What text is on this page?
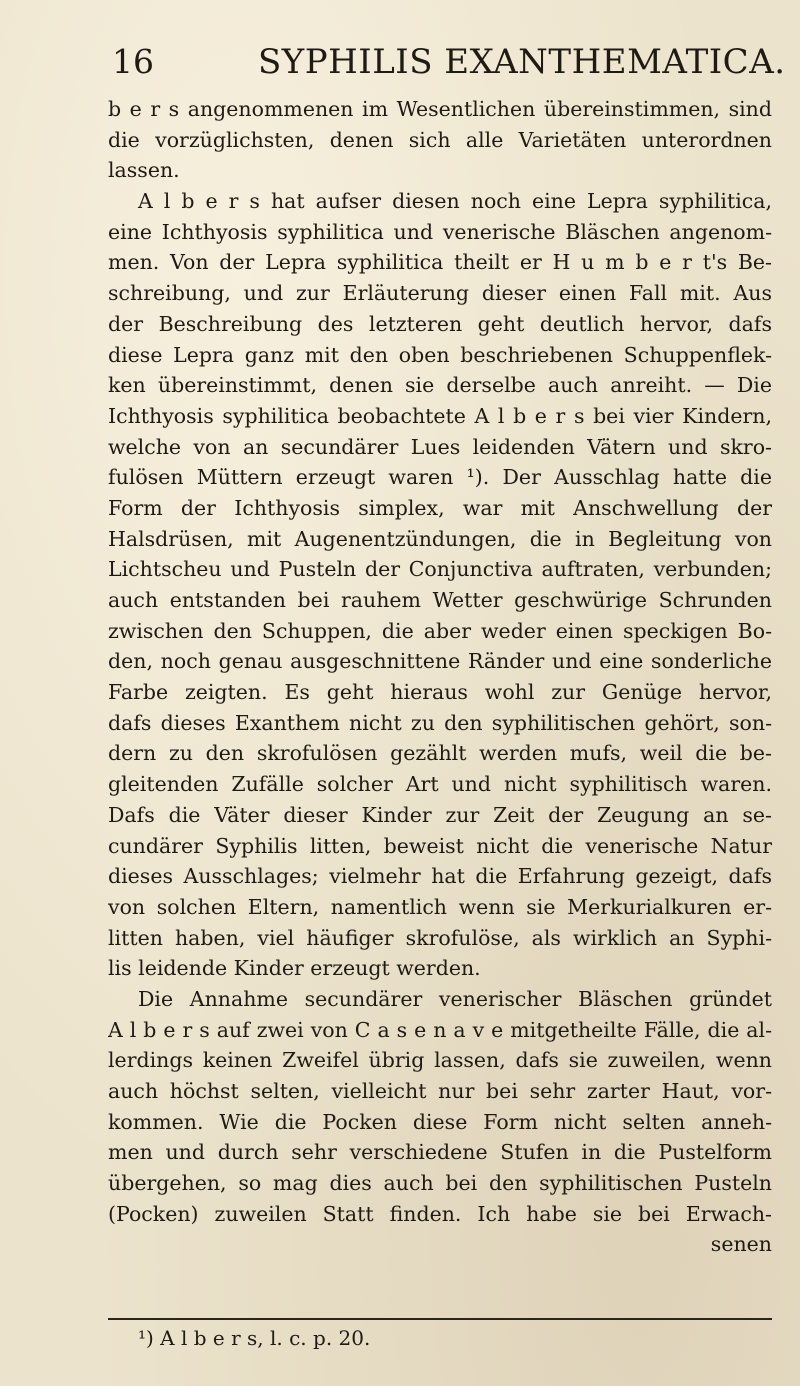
16	SYPHILIS EXANTHEMATICA.
b e r s angenommenen im Wesentlichen übereinstimmen, sind
die vorzüglichsten, denen sich alle Varietäten unterordnen
lassen.
A l b e r s hat aufser diesen noch eine Lepra syphilitica,
eine Ichthyosis syphilitica und venerische Bläschen angenom-
men. Von der Lepra syphilitica theilt er H u m b e r t's Be-
schreibung, und zur Erläuterung dieser einen Fall mit. Aus
der Beschreibung des letzteren geht deutlich hervor, dafs
diese Lepra ganz mit den oben beschriebenen Schuppenflek-
ken übereinstimmt, denen sie derselbe auch anreiht. — Die
Ichthyosis syphilitica beobachtete A l b e r s bei vier Kindern,
welche von an secundärer Lues leidenden Vätern und skro-
fulösen Müttern erzeugt waren ¹). Der Ausschlag hatte die
Form der Ichthyosis simplex, war mit Anschwellung der
Halsdrüsen, mit Augenentzündungen, die in Begleitung von
Lichtscheu und Pusteln der Conjunctiva auftraten, verbunden;
auch entstanden bei rauhem Wetter geschwürige Schrunden
zwischen den Schuppen, die aber weder einen speckigen Bo-
den, noch genau ausgeschnittene Ränder und eine sonderliche
Farbe zeigten. Es geht hieraus wohl zur Genüge hervor,
dafs dieses Exanthem nicht zu den syphilitischen gehört, son-
dern zu den skrofulösen gezählt werden mufs, weil die be-
gleitenden Zufälle solcher Art und nicht syphilitisch waren.
Dafs die Väter dieser Kinder zur Zeit der Zeugung an se-
cundärer Syphilis litten, beweist nicht die venerische Natur
dieses Ausschlages; vielmehr hat die Erfahrung gezeigt, dafs
von solchen Eltern, namentlich wenn sie Merkurialkuren er-
litten haben, viel häufiger skrofulöse, als wirklich an Syphi-
lis leidende Kinder erzeugt werden.
Die Annahme secundärer venerischer Bläschen gründet
A l b e r s auf zwei von C a s e n a v e mitgetheilte Fälle, die al-
lerdings keinen Zweifel übrig lassen, dafs sie zuweilen, wenn
auch höchst selten, vielleicht nur bei sehr zarter Haut, vor-
kommen. Wie die Pocken diese Form nicht selten anneh-
men und durch sehr verschiedene Stufen in die Pustelform
übergehen, so mag dies auch bei den syphilitischen Pusteln
(Pocken) zuweilen Statt finden. Ich habe sie bei Erwach-
senen
¹) A l b e r s, l. c. p. 20.
